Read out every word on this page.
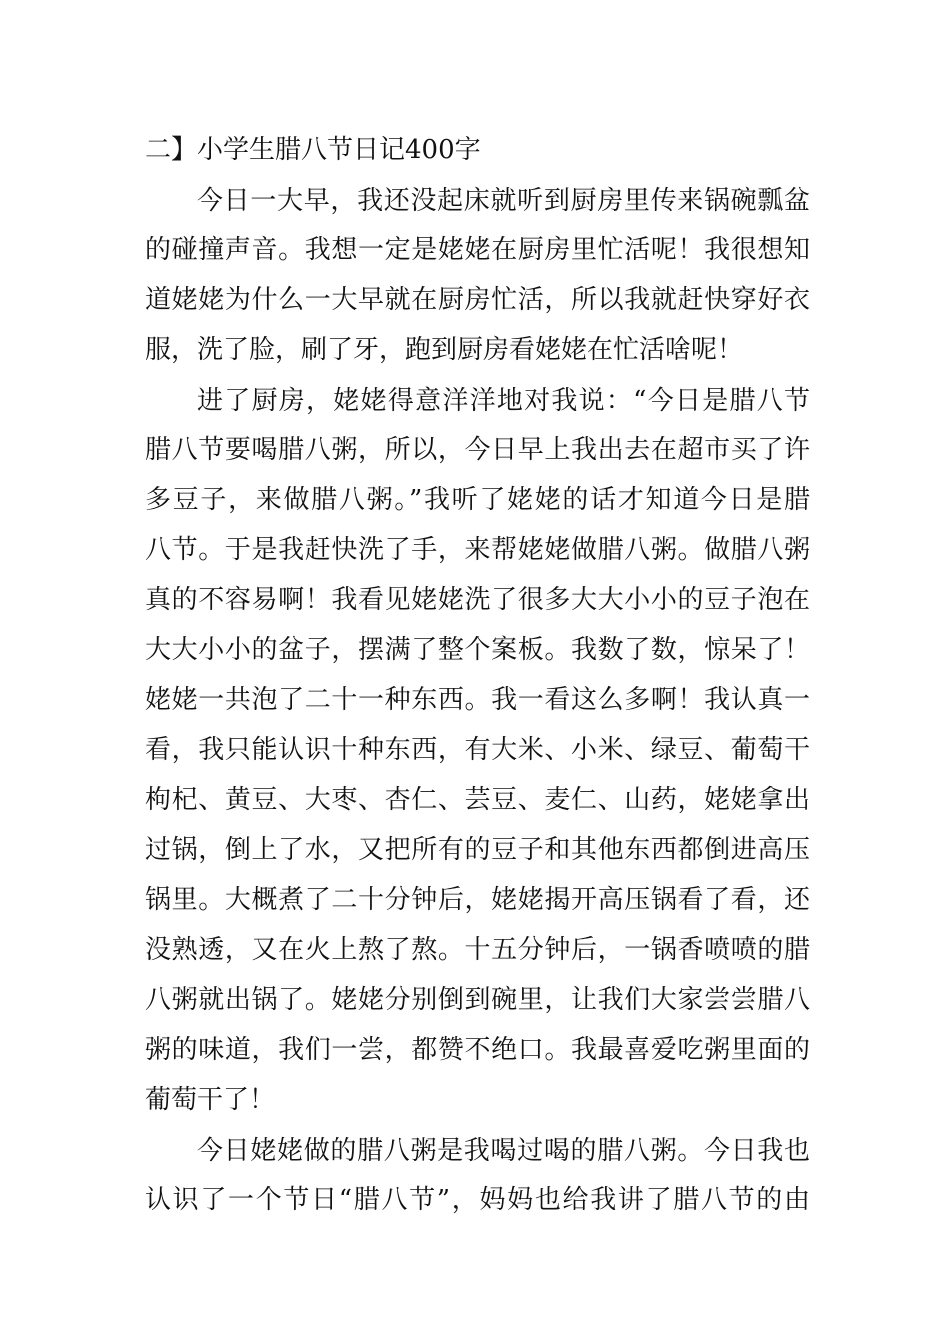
二】小学生腊八节日记400字
今日一大早，我还没起床就听到厨房里传来锅碗瓢盆
的碰撞声音。我想一定是姥姥在厨房里忙活呢！我很想知
道姥姥为什么一大早就在厨房忙活，所以我就赶快穿好衣
服，洗了脸，刷了牙，跑到厨房看姥姥在忙活啥呢！
进了厨房，姥姥得意洋洋地对我说：“今日是腊八节
腊八节要喝腊八粥，所以，今日早上我出去在超市买了许
多豆子，来做腊八粥。”我听了姥姥的话才知道今日是腊
八节。于是我赶快洗了手，来帮姥姥做腊八粥。做腊八粥
真的不容易啊！我看见姥姥洗了很多大大小小的豆子泡在
大大小小的盆子，摆满了整个案板。我数了数，惊呆了！
姥姥一共泡了二十一种东西。我一看这么多啊！我认真一
看，我只能认识十种东西，有大米、小米、绿豆、葡萄干
枸杞、黄豆、大枣、杏仁、芸豆、麦仁、山药，姥姥拿出
过锅，倒上了水，又把所有的豆子和其他东西都倒进高压
锅里。大概煮了二十分钟后，姥姥揭开高压锅看了看，还
没熟透，又在火上熬了熬。十五分钟后，一锅香喷喷的腊
八粥就出锅了。姥姥分别倒到碗里，让我们大家尝尝腊八
粥的味道，我们一尝，都赞不绝口。我最喜爱吃粥里面的
葡萄干了！
今日姥姥做的腊八粥是我喝过喝的腊八粥。今日我也
认识了一个节日“腊八节”，妈妈也给我讲了腊八节的由
